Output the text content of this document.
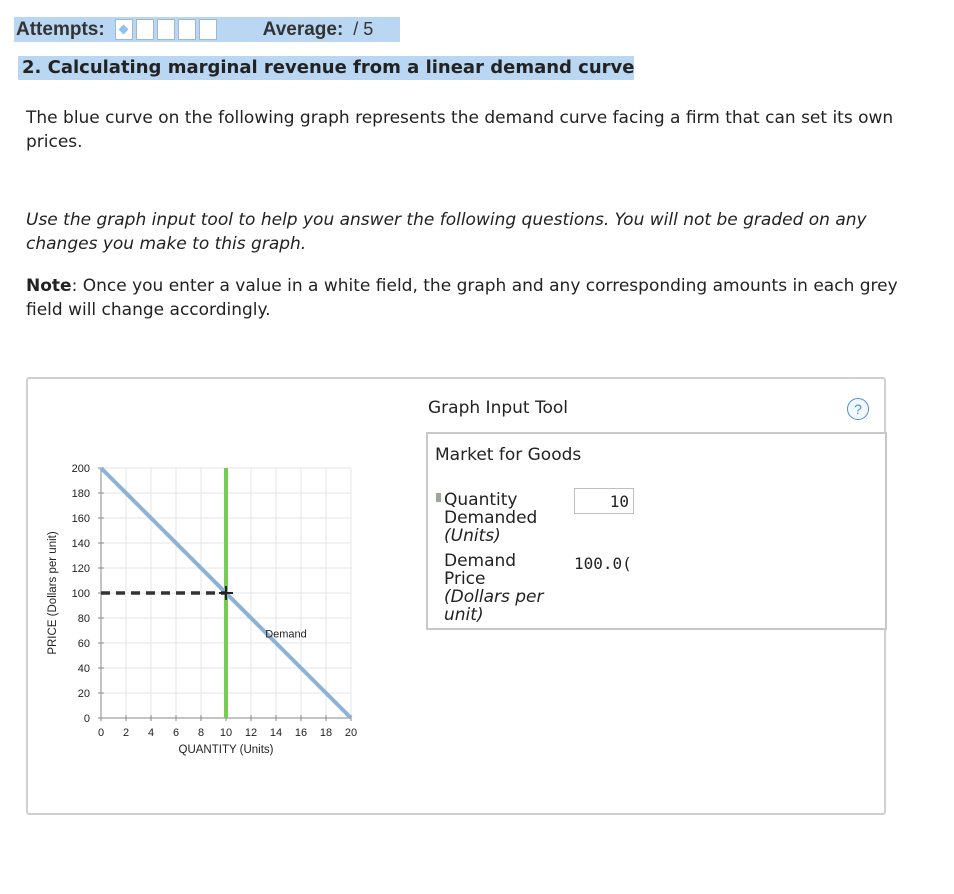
Attempts:	Average: / 5
2. Calculating marginal revenue from a linear demand curve

The blue curve on the following graph represents the demand curve facing a firm that can set its own prices.

Use the graph input tool to help you answer the following questions. You will not be graded on any changes you make to this graph.

Note: Once you enter a value in a white field, the graph and any corresponding amounts in each grey field will change accordingly.

0 2 4 6 8 10 12 14 16 18 20
0
20
40
60
80
100
120
140
160
180
200
QUANTITY (Units)
PRICE (Dollars per unit)	Demand

Graph Input Tool	?

Market for Goods

Quantity
Demanded
(Units)
10
Demand
Price
(Dollars per
unit)
100.0(
